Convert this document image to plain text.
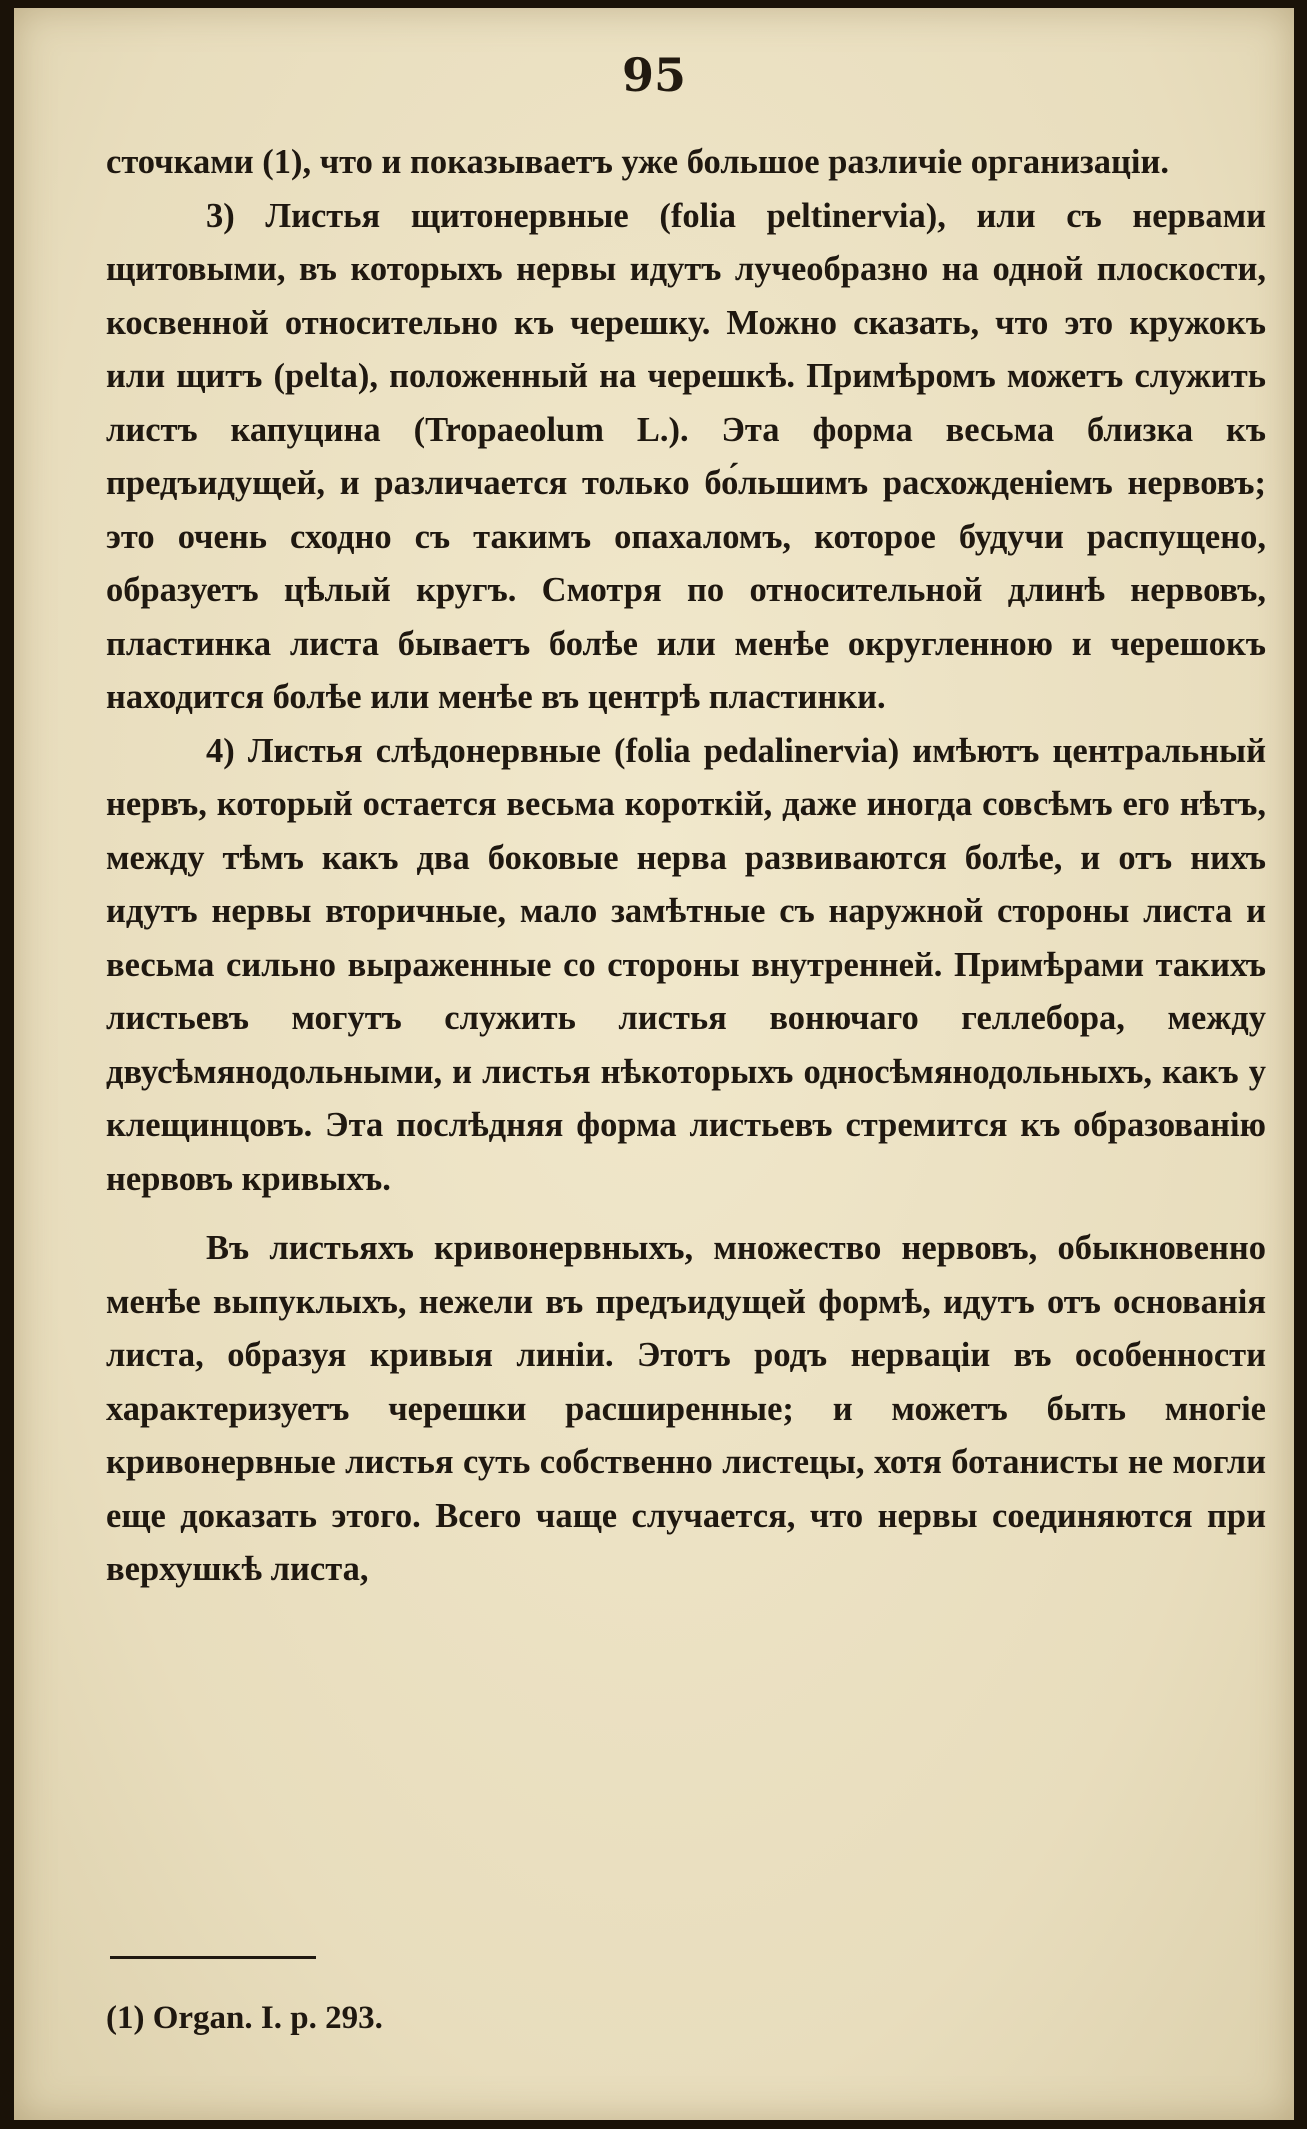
95

сточками (1), что и показываетъ уже большое различіе организаціи.

3) Листья щитонервные (folia peltinervia), или съ нервами щитовыми, въ которыхъ нервы идутъ лучеобразно на одной плоскости, косвенной относительно къ черешку. Можно сказать, что это кружокъ или щитъ (pelta), положенный на черешкѣ. Примѣромъ можетъ служить листъ капуцина (Tropaeolum L.). Эта форма весьма близка къ предъидущей, и различается только бо́льшимъ расхожденіемъ нервовъ; это очень сходно съ такимъ опахаломъ, которое будучи распущено, образуетъ цѣлый кругъ. Смотря по относительной длинѣ нервовъ, пластинка листа бываетъ болѣе или менѣе округленною и черешокъ находится болѣе или менѣе въ центрѣ пластинки.

4) Листья слѣдонервные (folia pedalinervia) имѣютъ центральный нервъ, который остается весьма короткій, даже иногда совсѣмъ его нѣтъ, между тѣмъ какъ два боковые нерва развиваются болѣе, и отъ нихъ идутъ нервы вторичные, мало замѣтные съ наружной стороны листа и весьма сильно выраженные со стороны внутренней. Примѣрами такихъ листьевъ могутъ служить листья вонючаго геллебора, между двусѣмянодольными, и листья нѣкоторыхъ односѣмянодольныхъ, какъ у клещинцовъ. Эта послѣдняя форма листьевъ стремится къ образованію нервовъ кривыхъ.

Въ листьяхъ кривонервныхъ, множество нервовъ, обыкновенно менѣе выпуклыхъ, нежели въ предъидущей формѣ, идутъ отъ основанія листа, образуя кривыя линіи. Этотъ родъ нерваціи въ особенности характеризуетъ черешки расширенные; и можетъ быть многіе кривонервные листья суть собственно листецы, хотя ботанисты не могли еще доказать этого. Всего чаще случается, что нервы соединяются при верхушкѣ листа,

(1) Organ. I. p. 293.
